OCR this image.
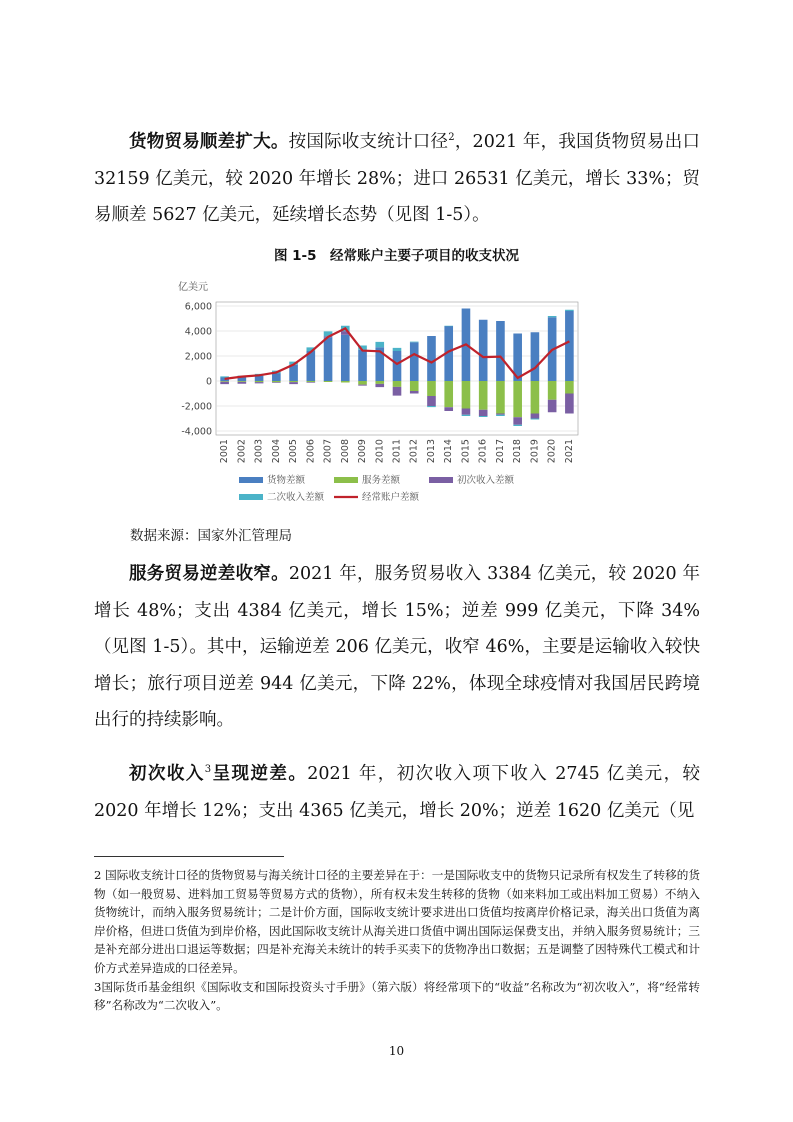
货物贸易顺差扩大。按国际收支统计口径$^2$，2021 年，我国货物贸易出口 32159 亿美元，较 2020 年增长 28%；进口 26531 亿美元，增长 33%；贸易顺差 5627 亿美元，延续增长态势（见图 1-5）。

图 1-5　经常账户主要子项目的收支状况
亿美元
6,000
4,000
2,000
0
-2,000
-4,000
2001 2002 2003 2004 2005 2006 2007 2008 2009 2010 2011 2012 2013 2014 2015 2016 2017 2018 2019 2020 2021
货物差额	服务差额	初次收入差额
二次收入差额	经常账户差额
数据来源：国家外汇管理局

服务贸易逆差收窄。2021 年，服务贸易收入 3384 亿美元，较 2020 年增长 48%；支出 4384 亿美元，增长 15%；逆差 999 亿美元，下降 34%（见图 1-5）。其中，运输逆差 206 亿美元，收窄 46%，主要是运输收入较快增长；旅行项目逆差 944 亿美元，下降 22%，体现全球疫情对我国居民跨境出行的持续影响。

初次收入$^3$呈现逆差。2021 年，初次收入项下收入 2745 亿美元，较 2020 年增长 12%；支出 4365 亿美元，增长 20%；逆差 1620 亿美元（见

2 国际收支统计口径的货物贸易与海关统计口径的主要差异在于：一是国际收支中的货物只记录所有权发生了转移的货物（如一般贸易、进料加工贸易等贸易方式的货物），所有权未发生转移的货物（如来料加工或出料加工贸易）不纳入货物统计，而纳入服务贸易统计；二是计价方面，国际收支统计要求进出口货值均按离岸价格记录，海关出口货值为离岸价格，但进口货值为到岸价格，因此国际收支统计从海关进口货值中调出国际运保费支出，并纳入服务贸易统计；三是补充部分进出口退运等数据；四是补充海关未统计的转手买卖下的货物净出口数据；五是调整了因特殊代工模式和计价方式差异造成的口径差异。

3国际货币基金组织《国际收支和国际投资头寸手册》（第六版）将经常项下的“收益”名称改为“初次收入”，将“经常转移”名称改为“二次收入”。

10
